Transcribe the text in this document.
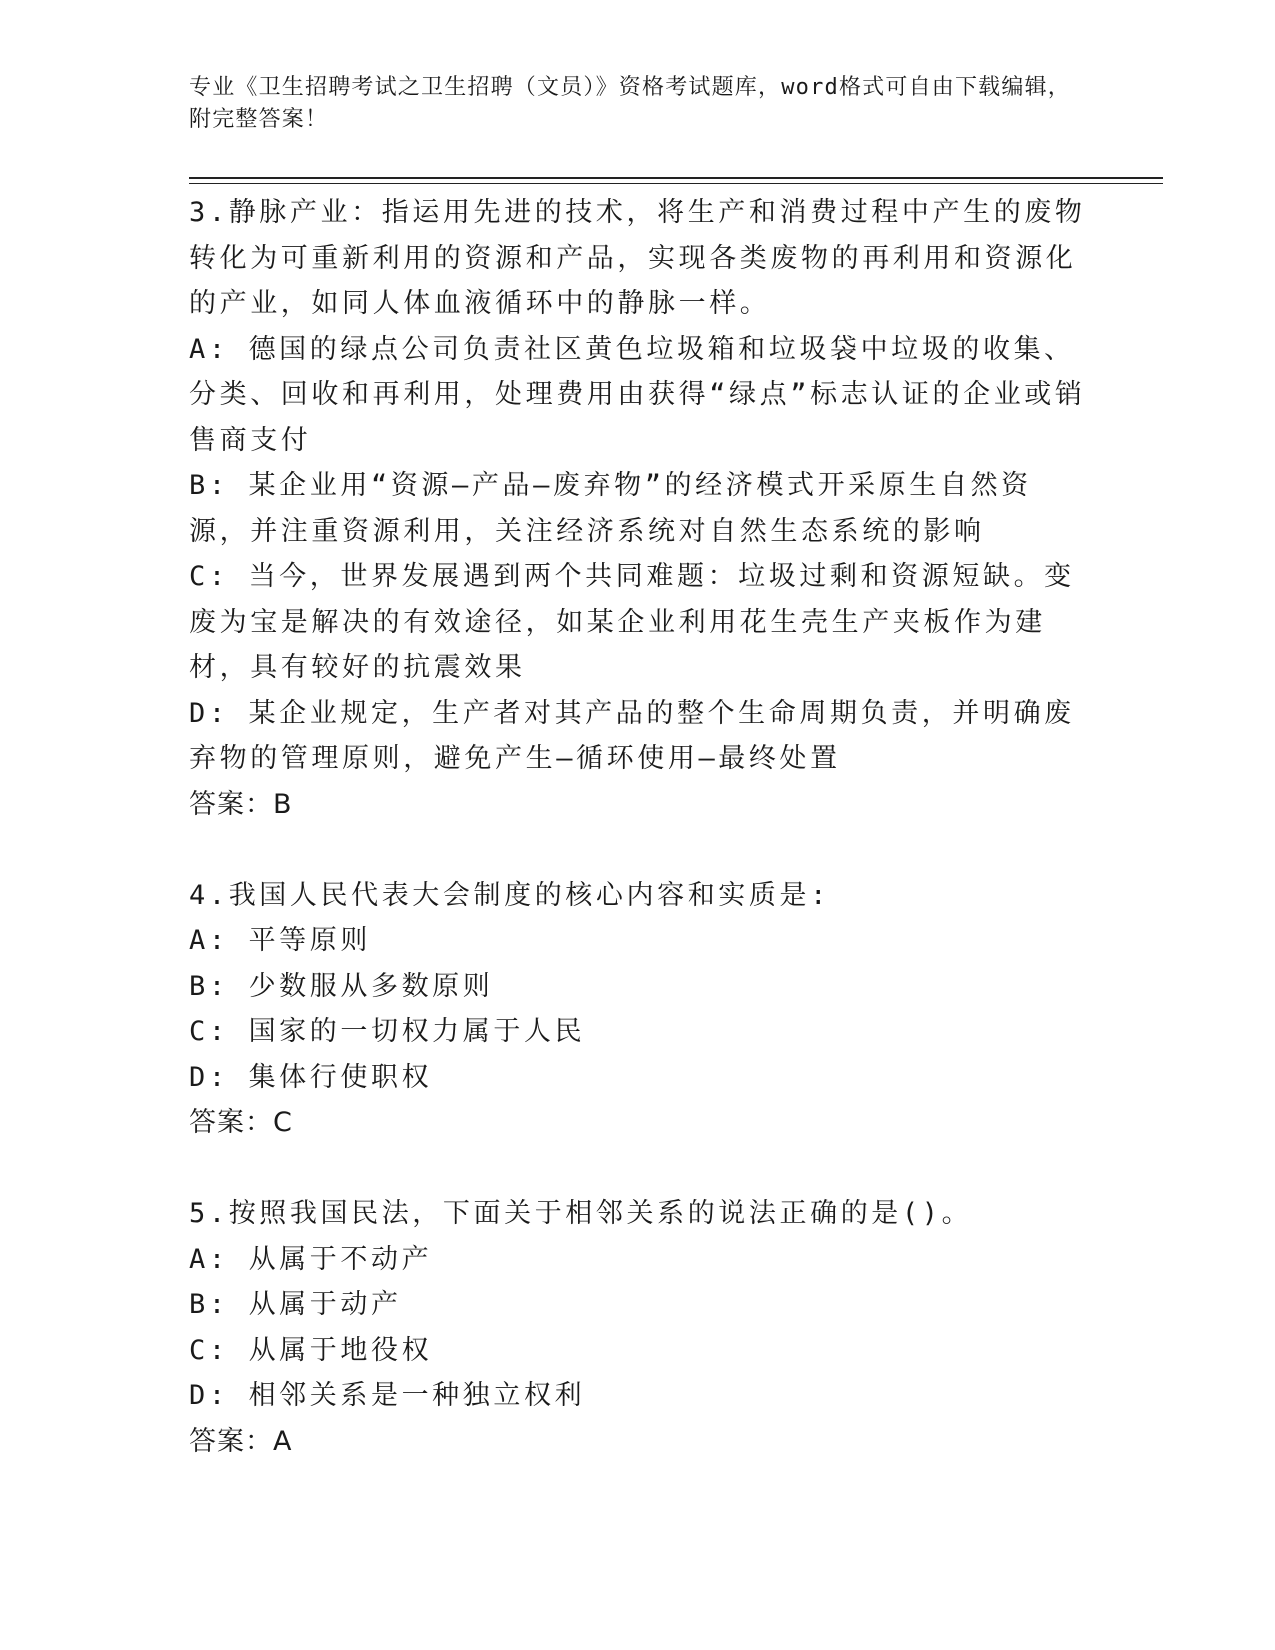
专业《卫生招聘考试之卫生招聘（文员）》资格考试题库，word格式可自由下载编辑，附完整答案！

3.静脉产业：指运用先进的技术，将生产和消费过程中产生的废物转化为可重新利用的资源和产品，实现各类废物的再利用和资源化的产业，如同人体血液循环中的静脉一样。

A: 德国的绿点公司负责社区黄色垃圾箱和垃圾袋中垃圾的收集、分类、回收和再利用，处理费用由获得“绿点”标志认证的企业或销售商支付

B: 某企业用“资源—产品—废弃物”的经济模式开采原生自然资源，并注重资源利用，关注经济系统对自然生态系统的影响

C: 当今，世界发展遇到两个共同难题：垃圾过剩和资源短缺。变废为宝是解决的有效途径，如某企业利用花生壳生产夹板作为建材，具有较好的抗震效果

D: 某企业规定，生产者对其产品的整个生命周期负责，并明确废弃物的管理原则，避免产生—循环使用—最终处置

答案：B

4.我国人民代表大会制度的核心内容和实质是:

A: 平等原则

B: 少数服从多数原则

C: 国家的一切权力属于人民

D: 集体行使职权

答案：C

5.按照我国民法，下面关于相邻关系的说法正确的是()。

A: 从属于不动产

B: 从属于动产

C: 从属于地役权

D: 相邻关系是一种独立权利

答案：A
